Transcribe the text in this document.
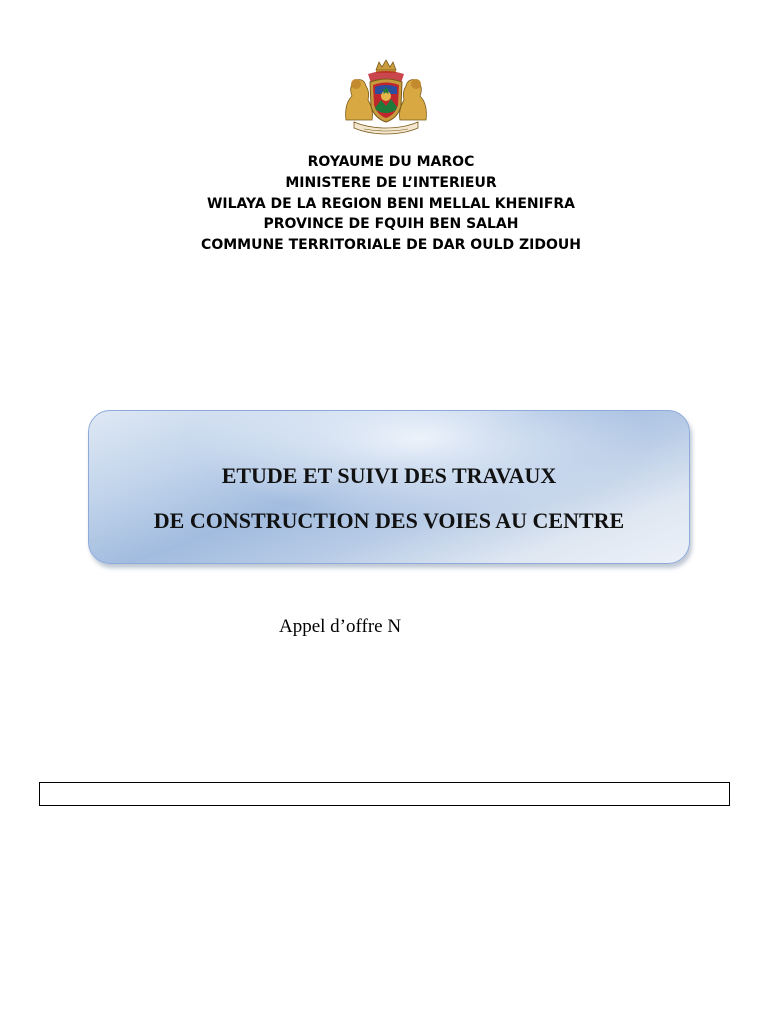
ROYAUME DU MAROC
MINISTERE DE L’INTERIEUR
WILAYA DE LA REGION BENI MELLAL KHENIFRA
PROVINCE DE FQUIH BEN SALAH
COMMUNE TERRITORIALE DE DAR OULD ZIDOUH
ETUDE ET SUIVI DES TRAVAUX
DE CONSTRUCTION DES VOIES AU CENTRE
Appel d’offre N
